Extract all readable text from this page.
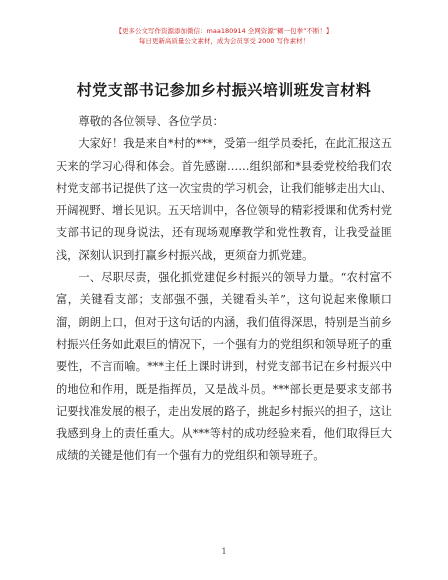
【更多公文写作资源添加微信：maa180914 全网资源“糊一包拳”不断！】
每日更新高质量公文素材，成为会员享受 2000 写作素材！
村党支部书记参加乡村振兴培训班发言材料

尊敬的各位领导、各位学员：

大家好！我是来自*村的***，受第一组学员委托，在此汇报这五天来的学习心得和体会。首先感谢……组织部和*县委党校给我们农村党支部书记提供了这一次宝贵的学习机会，让我们能够走出大山、开阔视野、增长见识。五天培训中，各位领导的精彩授课和优秀村党支部书记的现身说法，还有现场观摩教学和党性教育，让我受益匪浅，深刻认识到打赢乡村振兴战，更须奋力抓党建。

一、尽职尽责，强化抓党建促乡村振兴的领导力量。“农村富不富，关键看支部；支部强不强，关键看头羊”，这句说起来像顺口溜，朗朗上口，但对于这句话的内涵，我们值得深思，特别是当前乡村振兴任务如此艰巨的情况下，一个强有力的党组织和领导班子的重要性，不言而喻。***主任上课时讲到，村党支部书记在乡村振兴中的地位和作用，既是指挥员，又是战斗员。***部长更是要求支部书记要找准发展的根子，走出发展的路子，挑起乡村振兴的担子，这让我感到身上的责任重大。从***等村的成功经验来看，他们取得巨大成绩的关键是他们有一个强有力的党组织和领导班子。

1
